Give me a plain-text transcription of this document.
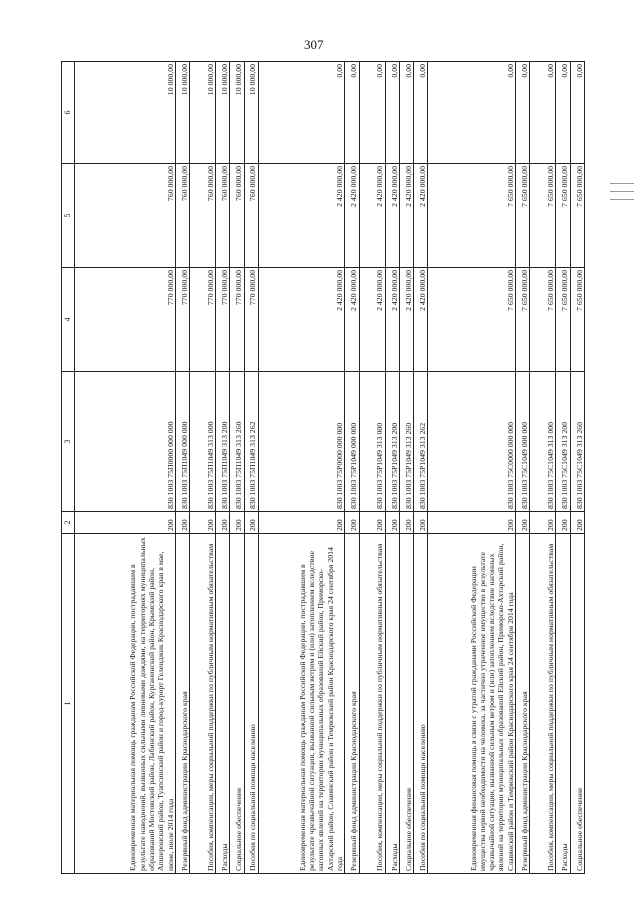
307
1	2	3	4	5	6
Единовременная материальная помощь гражданам Российской Федерации, пострадавшим в результате наводнений, вызванных сильными ливневыми дождями, на территориях муниципальных образований Мостовский район, Лабинский район, Курганинский район, Крымский район, Апшеронский район, Туапсинский район и город-курорт Геленджик Краснодарского края в мае, июне, июле 2014 года	200	830 1003 75П0000 000 000	770 000,00	760 000,00	10 000,00
Резервный фонд администрации Краснодарского края	200	830 1003 75П1049 000 000	770 000,00	760 000,00	10 000,00
Пособия, компенсации, меры социальной поддержки по публичным нормативным обязательствам	200	830 1003 75П1049 313 000	770 000,00	760 000,00	10 000,00
Расходы	200	830 1003 75П1049 313 200	770 000,00	760 000,00	10 000,00
Социальное обеспечение	200	830 1003 75П1049 313 260	770 000,00	760 000,00	10 000,00
Пособия по социальной помощи населению	200	830 1003 75П1049 313 262	770 000,00	760 000,00	10 000,00
Единовременная материальная помощь гражданам Российской Федерации, пострадавшим в результате чрезвычайной ситуации, вызванной сильным ветром и (или) затоплением вследствие нагонных явлений на территории муниципальных образований Ейский район, Приморско-Ахтарский район, Славянский район и Темрюкский район Краснодарского края 24 сентября 2014 года	200	830 1003 75Р0000 000 000	2 420 000,00	2 420 000,00	0,00
Резервный фонд администрации Краснодарского края	200	830 1003 75Р1049 000 000	2 420 000,00	2 420 000,00	0,00
Пособия, компенсации, меры социальной поддержки по публичным нормативным обязательствам	200	830 1003 75Р1049 313 000	2 420 000,00	2 420 000,00	0,00
Расходы	200	830 1003 75Р1049 313 200	2 420 000,00	2 420 000,00	0,00
Социальное обеспечение	200	830 1003 75Р1049 313 260	2 420 000,00	2 420 000,00	0,00
Пособия по социальной помощи населению	200	830 1003 75Р1049 313 262	2 420 000,00	2 420 000,00	0,00
Единовременная финансовая помощь в связи с утратой гражданами Российской Федерации имущества первой необходимости на человека, за частично утраченное имущество в результате чрезвычайной ситуации, вызванной сильным ветром и (или) затоплением вследствие нагонных явлений на территории муниципальных образований Ейский район, Приморско-Ахтарский район, Славянский район и Темрюкский район Краснодарского края 24 сентября 2014 года	200	830 1003 75С0000 000 000	7 650 000,00	7 650 000,00	0,00
Резервный фонд администрации Краснодарского края	200	830 1003 75С1049 000 000	7 650 000,00	7 650 000,00	0,00
Пособия, компенсации, меры социальной поддержки по публичным нормативным обязательствам	200	830 1003 75С1049 313 000	7 650 000,00	7 650 000,00	0,00
Расходы	200	830 1003 75С1049 313 200	7 650 000,00	7 650 000,00	0,00
Социальное обеспечение	200	830 1003 75С1049 313 260	7 650 000,00	7 650 000,00	0,00
